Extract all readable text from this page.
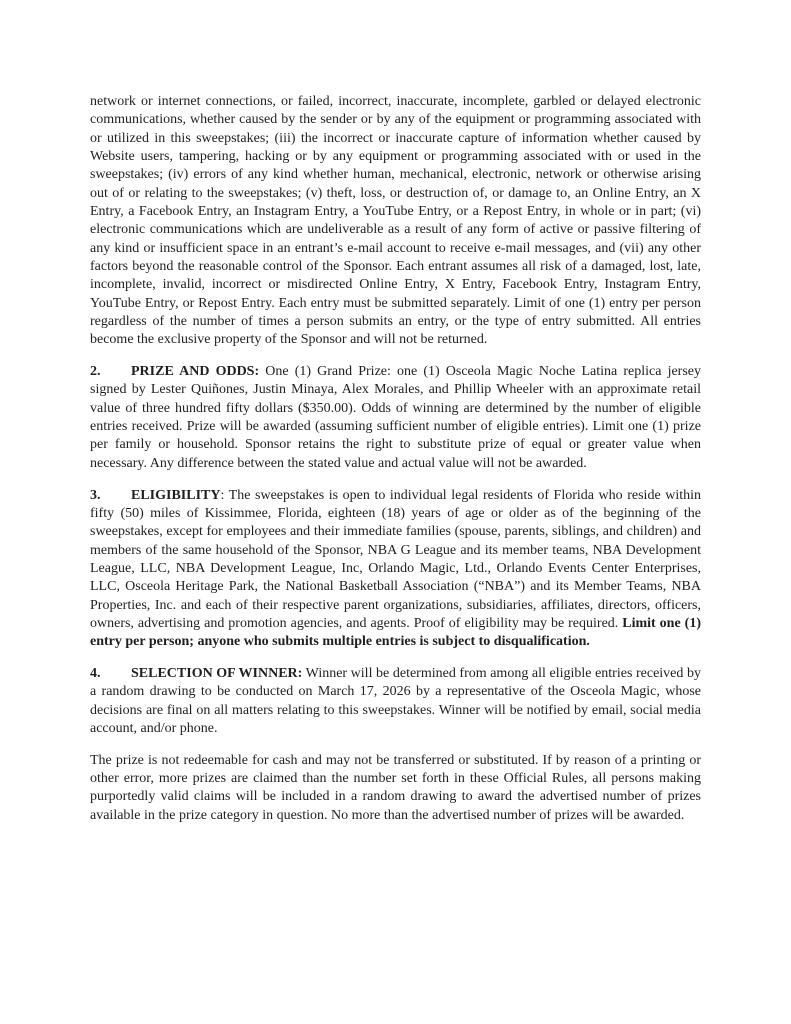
network or internet connections, or failed, incorrect, inaccurate, incomplete, garbled or delayed electronic communications, whether caused by the sender or by any of the equipment or programming associated with or utilized in this sweepstakes; (iii) the incorrect or inaccurate capture of information whether caused by Website users, tampering, hacking or by any equipment or programming associated with or used in the sweepstakes; (iv) errors of any kind whether human, mechanical, electronic, network or otherwise arising out of or relating to the sweepstakes; (v) theft, loss, or destruction of, or damage to, an Online Entry, an X Entry, a Facebook Entry, an Instagram Entry, a YouTube Entry, or a Repost Entry, in whole or in part; (vi) electronic communications which are undeliverable as a result of any form of active or passive filtering of any kind or insufficient space in an entrant’s e-mail account to receive e-mail messages, and (vii) any other factors beyond the reasonable control of the Sponsor. Each entrant assumes all risk of a damaged, lost, late, incomplete, invalid, incorrect or misdirected Online Entry, X Entry, Facebook Entry, Instagram Entry, YouTube Entry, or Repost Entry. Each entry must be submitted separately. Limit of one (1) entry per person regardless of the number of times a person submits an entry, or the type of entry submitted. All entries become the exclusive property of the Sponsor and will not be returned.

2. PRIZE AND ODDS: One (1) Grand Prize: one (1) Osceola Magic Noche Latina replica jersey signed by Lester Quiñones, Justin Minaya, Alex Morales, and Phillip Wheeler with an approximate retail value of three hundred fifty dollars ($350.00). Odds of winning are determined by the number of eligible entries received. Prize will be awarded (assuming sufficient number of eligible entries). Limit one (1) prize per family or household. Sponsor retains the right to substitute prize of equal or greater value when necessary. Any difference between the stated value and actual value will not be awarded.

3. ELIGIBILITY: The sweepstakes is open to individual legal residents of Florida who reside within fifty (50) miles of Kissimmee, Florida, eighteen (18) years of age or older as of the beginning of the sweepstakes, except for employees and their immediate families (spouse, parents, siblings, and children) and members of the same household of the Sponsor, NBA G League and its member teams, NBA Development League, LLC, NBA Development League, Inc, Orlando Magic, Ltd., Orlando Events Center Enterprises, LLC, Osceola Heritage Park, the National Basketball Association (“NBA”) and its Member Teams, NBA Properties, Inc. and each of their respective parent organizations, subsidiaries, affiliates, directors, officers, owners, advertising and promotion agencies, and agents. Proof of eligibility may be required. Limit one (1) entry per person; anyone who submits multiple entries is subject to disqualification.

4. SELECTION OF WINNER: Winner will be determined from among all eligible entries received by a random drawing to be conducted on March 17, 2026 by a representative of the Osceola Magic, whose decisions are final on all matters relating to this sweepstakes. Winner will be notified by email, social media account, and/or phone.

The prize is not redeemable for cash and may not be transferred or substituted. If by reason of a printing or other error, more prizes are claimed than the number set forth in these Official Rules, all persons making purportedly valid claims will be included in a random drawing to award the advertised number of prizes available in the prize category in question. No more than the advertised number of prizes will be awarded.
